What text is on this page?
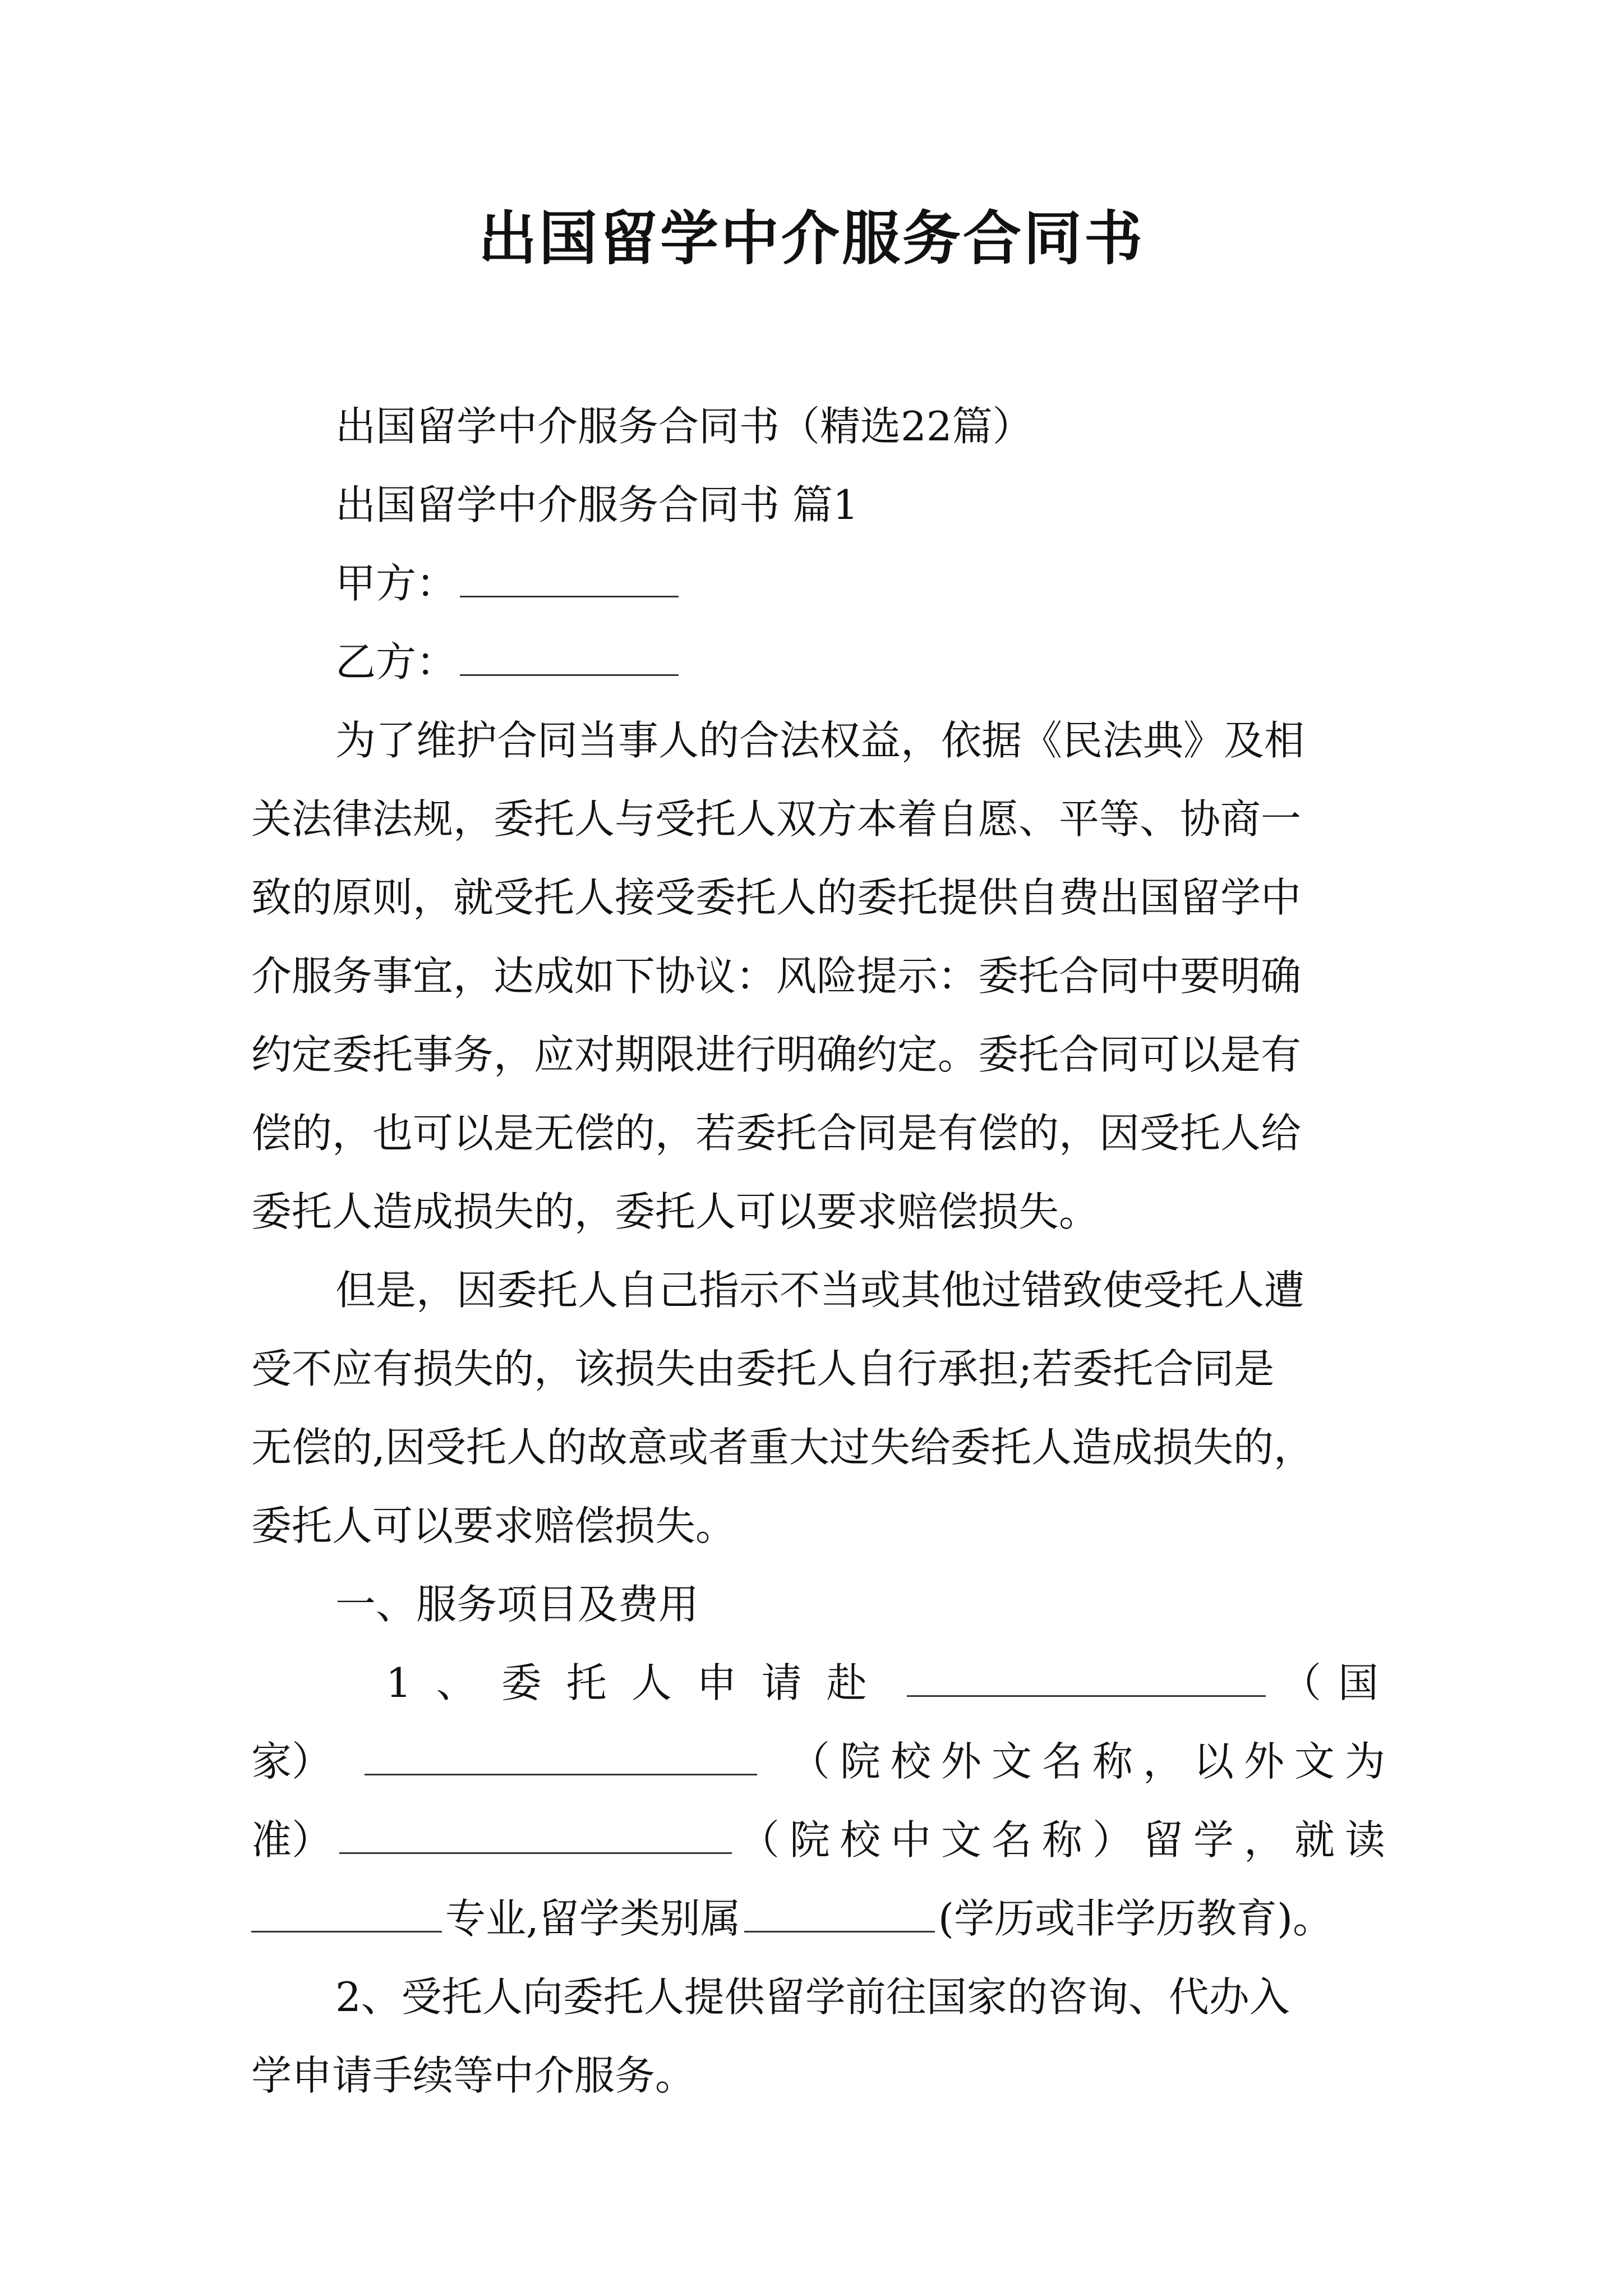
出国留学中介服务合同书
出国留学中介服务合同书（精选22篇）
出国留学中介服务合同书 篇1
甲方：
乙方：
为了维护合同当事人的合法权益，依据《民法典》及相
关法律法规，委托人与受托人双方本着自愿、平等、协商一
致的原则，就受托人接受委托人的委托提供自费出国留学中
介服务事宜，达成如下协议：风险提示：委托合同中要明确
约定委托事务，应对期限进行明确约定。委托合同可以是有
偿的，也可以是无偿的，若委托合同是有偿的，因受托人给
委托人造成损失的，委托人可以要求赔偿损失。
但是，因委托人自己指示不当或其他过错致使受托人遭
受不应有损失的，该损失由委托人自行承担;若委托合同是
无偿的,因受托人的故意或者重大过失给委托人造成损失的，
委托人可以要求赔偿损失。
一、服务项目及费用
1、委托人申请赴	（国
家）	（院校外文名称，以外文为
准）	（院校中文名称）留学，就读
专业,留学类别属	(学历或非学历教育)。
2、受托人向委托人提供留学前往国家的咨询、代办入
学申请手续等中介服务。
